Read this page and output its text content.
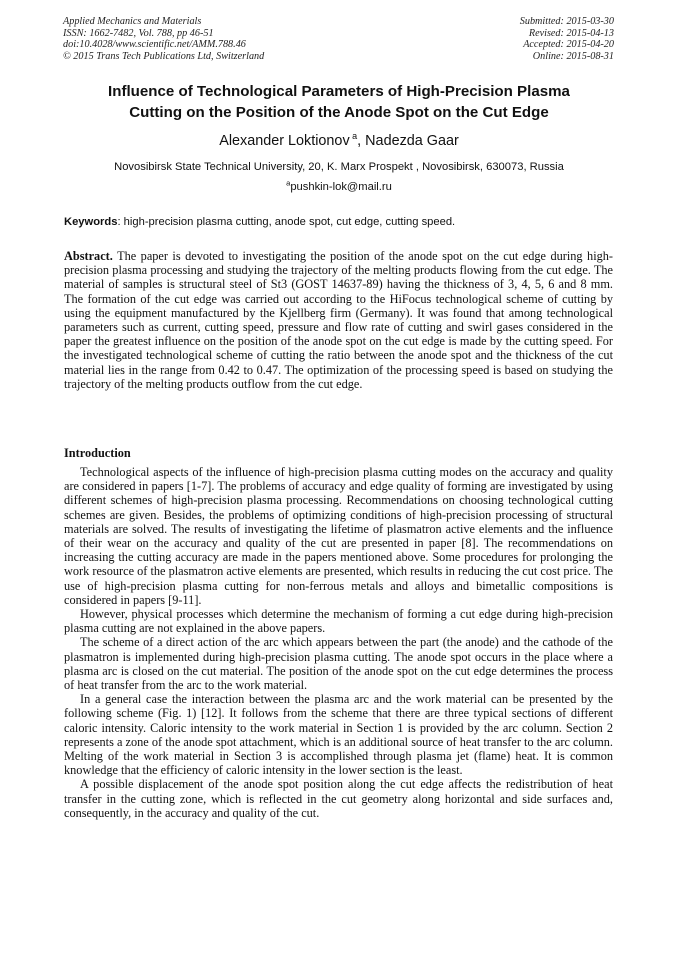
Applied Mechanics and Materials
ISSN: 1662-7482, Vol. 788, pp 46-51
doi:10.4028/www.scientific.net/AMM.788.46
© 2015 Trans Tech Publications Ltd, Switzerland
Submitted: 2015-03-30
Revised: 2015-04-13
Accepted: 2015-04-20
Online: 2015-08-31
Influence of Technological Parameters of High-Precision Plasma
Cutting on the Position of the Anode Spot on the Cut Edge
Alexander Loktionov $^a$, Nadezda Gaar
Novosibirsk State Technical University, 20, K. Marx Prospekt , Novosibirsk, 630073, Russia
$^a$pushkin-lok@mail.ru
Keywords: high-precision plasma cutting, anode spot, cut edge, cutting speed.
Abstract. The paper is devoted to investigating the position of the anode spot on the cut edge during high-precision plasma processing and studying the trajectory of the melting products flowing from the cut edge. The material of samples is structural steel of St3 (GOST 14637-89) having the thickness of 3, 4, 5, 6 and 8 mm. The formation of the cut edge was carried out according to the HiFocus technological scheme of cutting by using the equipment manufactured by the Kjellberg firm (Germany). It was found that among technological parameters such as current, cutting speed, pressure and flow rate of cutting and swirl gases considered in the paper the greatest influence on the position of the anode spot on the cut edge is made by the cutting speed. For the investigated technological scheme of cutting the ratio between the anode spot and the thickness of the cut material lies in the range from 0.42 to 0.47. The optimization of the processing speed is based on studying the trajectory of the melting products outflow from the cut edge.
Introduction

Technological aspects of the influence of high-precision plasma cutting modes on the accuracy and quality are considered in papers [1-7]. The problems of accuracy and edge quality of forming are investigated by using different schemes of high-precision plasma processing. Recommendations on choosing technological cutting schemes are given. Besides, the problems of optimizing conditions of high-precision processing of structural materials are solved. The results of investigating the lifetime of plasmatron active elements and the influence of their wear on the accuracy and quality of the cut are presented in paper [8]. The recommendations on increasing the cutting accuracy are made in the papers mentioned above. Some procedures for prolonging the work resource of the plasmatron active elements are presented, which results in reducing the cut cost price. The use of high-precision plasma cutting for non-ferrous metals and alloys and bimetallic compositions is considered in papers [9-11].

However, physical processes which determine the mechanism of forming a cut edge during high-precision plasma cutting are not explained in the above papers.

The scheme of a direct action of the arc which appears between the part (the anode) and the cathode of the plasmatron is implemented during high-precision plasma cutting. The anode spot occurs in the place where a plasma arc is closed on the cut material. The position of the anode spot on the cut edge determines the process of heat transfer from the arc to the work material.

In a general case the interaction between the plasma arc and the work material can be presented by the following scheme (Fig. 1) [12]. It follows from the scheme that there are three typical sections of different caloric intensity. Caloric intensity to the work material in Section 1 is provided by the arc column. Section 2 represents a zone of the anode spot attachment, which is an additional source of heat transfer to the arc column. Melting of the work material in Section 3 is accomplished through plasma jet (flame) heat. It is common knowledge that the efficiency of caloric intensity in the lower section is the least.

A possible displacement of the anode spot position along the cut edge affects the redistribution of heat transfer in the cutting zone, which is reflected in the cut geometry along horizontal and side surfaces and, consequently, in the accuracy and quality of the cut.
